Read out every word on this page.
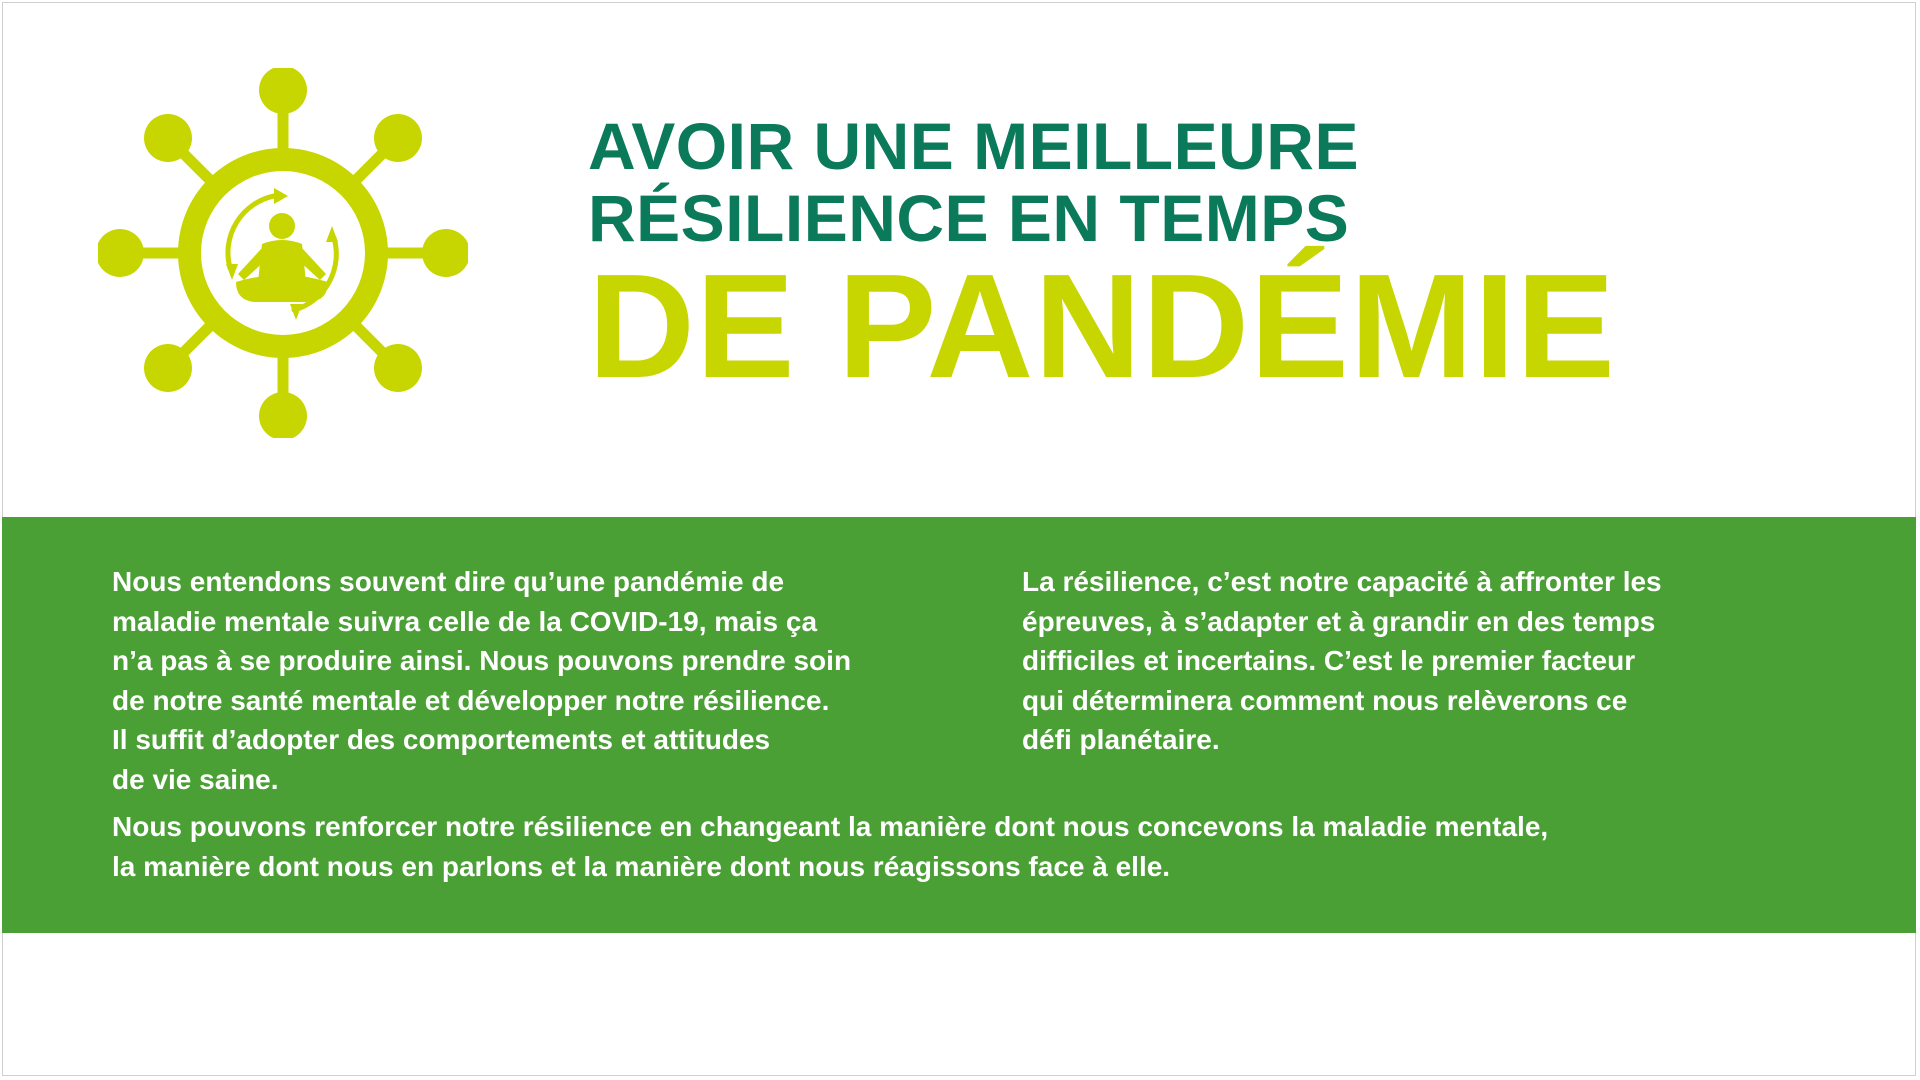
AVOIR UNE MEILLEURE
RÉSILIENCE EN TEMPS
DE PANDÉMIE
Nous entendons souvent dire qu’une pandémie de
maladie mentale suivra celle de la COVID-19, mais ça
n’a pas à se produire ainsi. Nous pouvons prendre soin
de notre santé mentale et développer notre résilience.
Il suffit d’adopter des comportements et attitudes
de vie saine.
La résilience, c’est notre capacité à affronter les
épreuves, à s’adapter et à grandir en des temps
difficiles et incertains. C’est le premier facteur
qui déterminera comment nous relèverons ce
défi planétaire.
Nous pouvons renforcer notre résilience en changeant la manière dont nous concevons la maladie mentale,
la manière dont nous en parlons et la manière dont nous réagissons face à elle.
